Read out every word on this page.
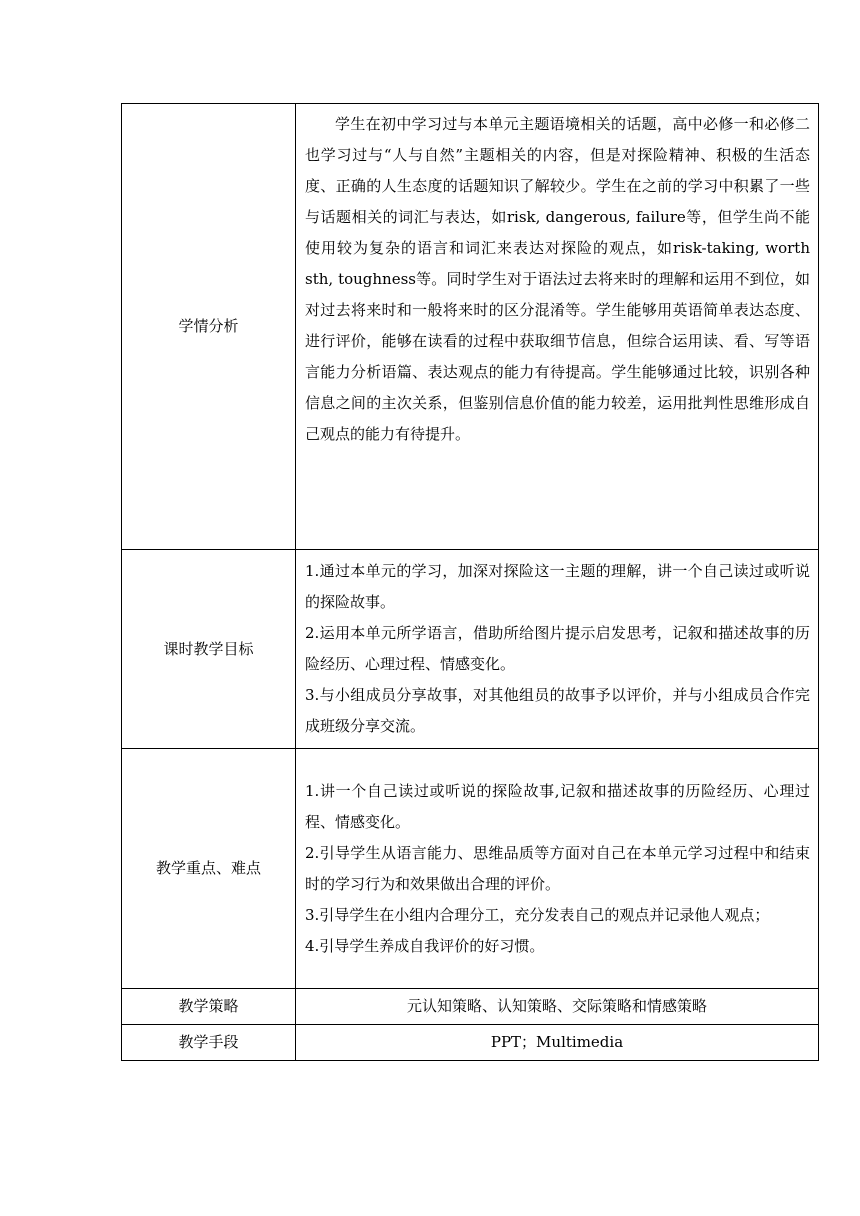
学情分析	学生在初中学习过与本单元主题语境相关的话题，高中必修一和必修二也学习过与“人与自然”主题相关的内容，但是对探险精神、积极的生活态度、正确的人生态度的话题知识了解较少。学生在之前的学习中积累了一些与话题相关的词汇与表达，如risk, dangerous, failure等，但学生尚不能使用较为复杂的语言和词汇来表达对探险的观点，如risk-taking, worth sth, toughness等。同时学生对于语法过去将来时的理解和运用不到位，如对过去将来时和一般将来时的区分混淆等。学生能够用英语简单表达态度、进行评价，能够在读看的过程中获取细节信息，但综合运用读、看、写等语言能力分析语篇、表达观点的能力有待提高。学生能够通过比较，识别各种信息之间的主次关系，但鉴别信息价值的能力较差，运用批判性思维形成自己观点的能力有待提升。

课时教学目标	1.通过本单元的学习，加深对探险这一主题的理解，讲一个自己读过或听说的探险故事。

2.运用本单元所学语言，借助所给图片提示启发思考，记叙和描述故事的历险经历、心理过程、情感变化。

3.与小组成员分享故事，对其他组员的故事予以评价，并与小组成员合作完成班级分享交流。

教学重点、难点	1.讲一个自己读过或听说的探险故事,记叙和描述故事的历险经历、心理过程、情感变化。

2.引导学生从语言能力、思维品质等方面对自己在本单元学习过程中和结束时的学习行为和效果做出合理的评价。

3.引导学生在小组内合理分工，充分发表自己的观点并记录他人观点；

4.引导学生养成自我评价的好习惯。

教学策略	元认知策略、认知策略、交际策略和情感策略
教学手段	PPT；Multimedia
